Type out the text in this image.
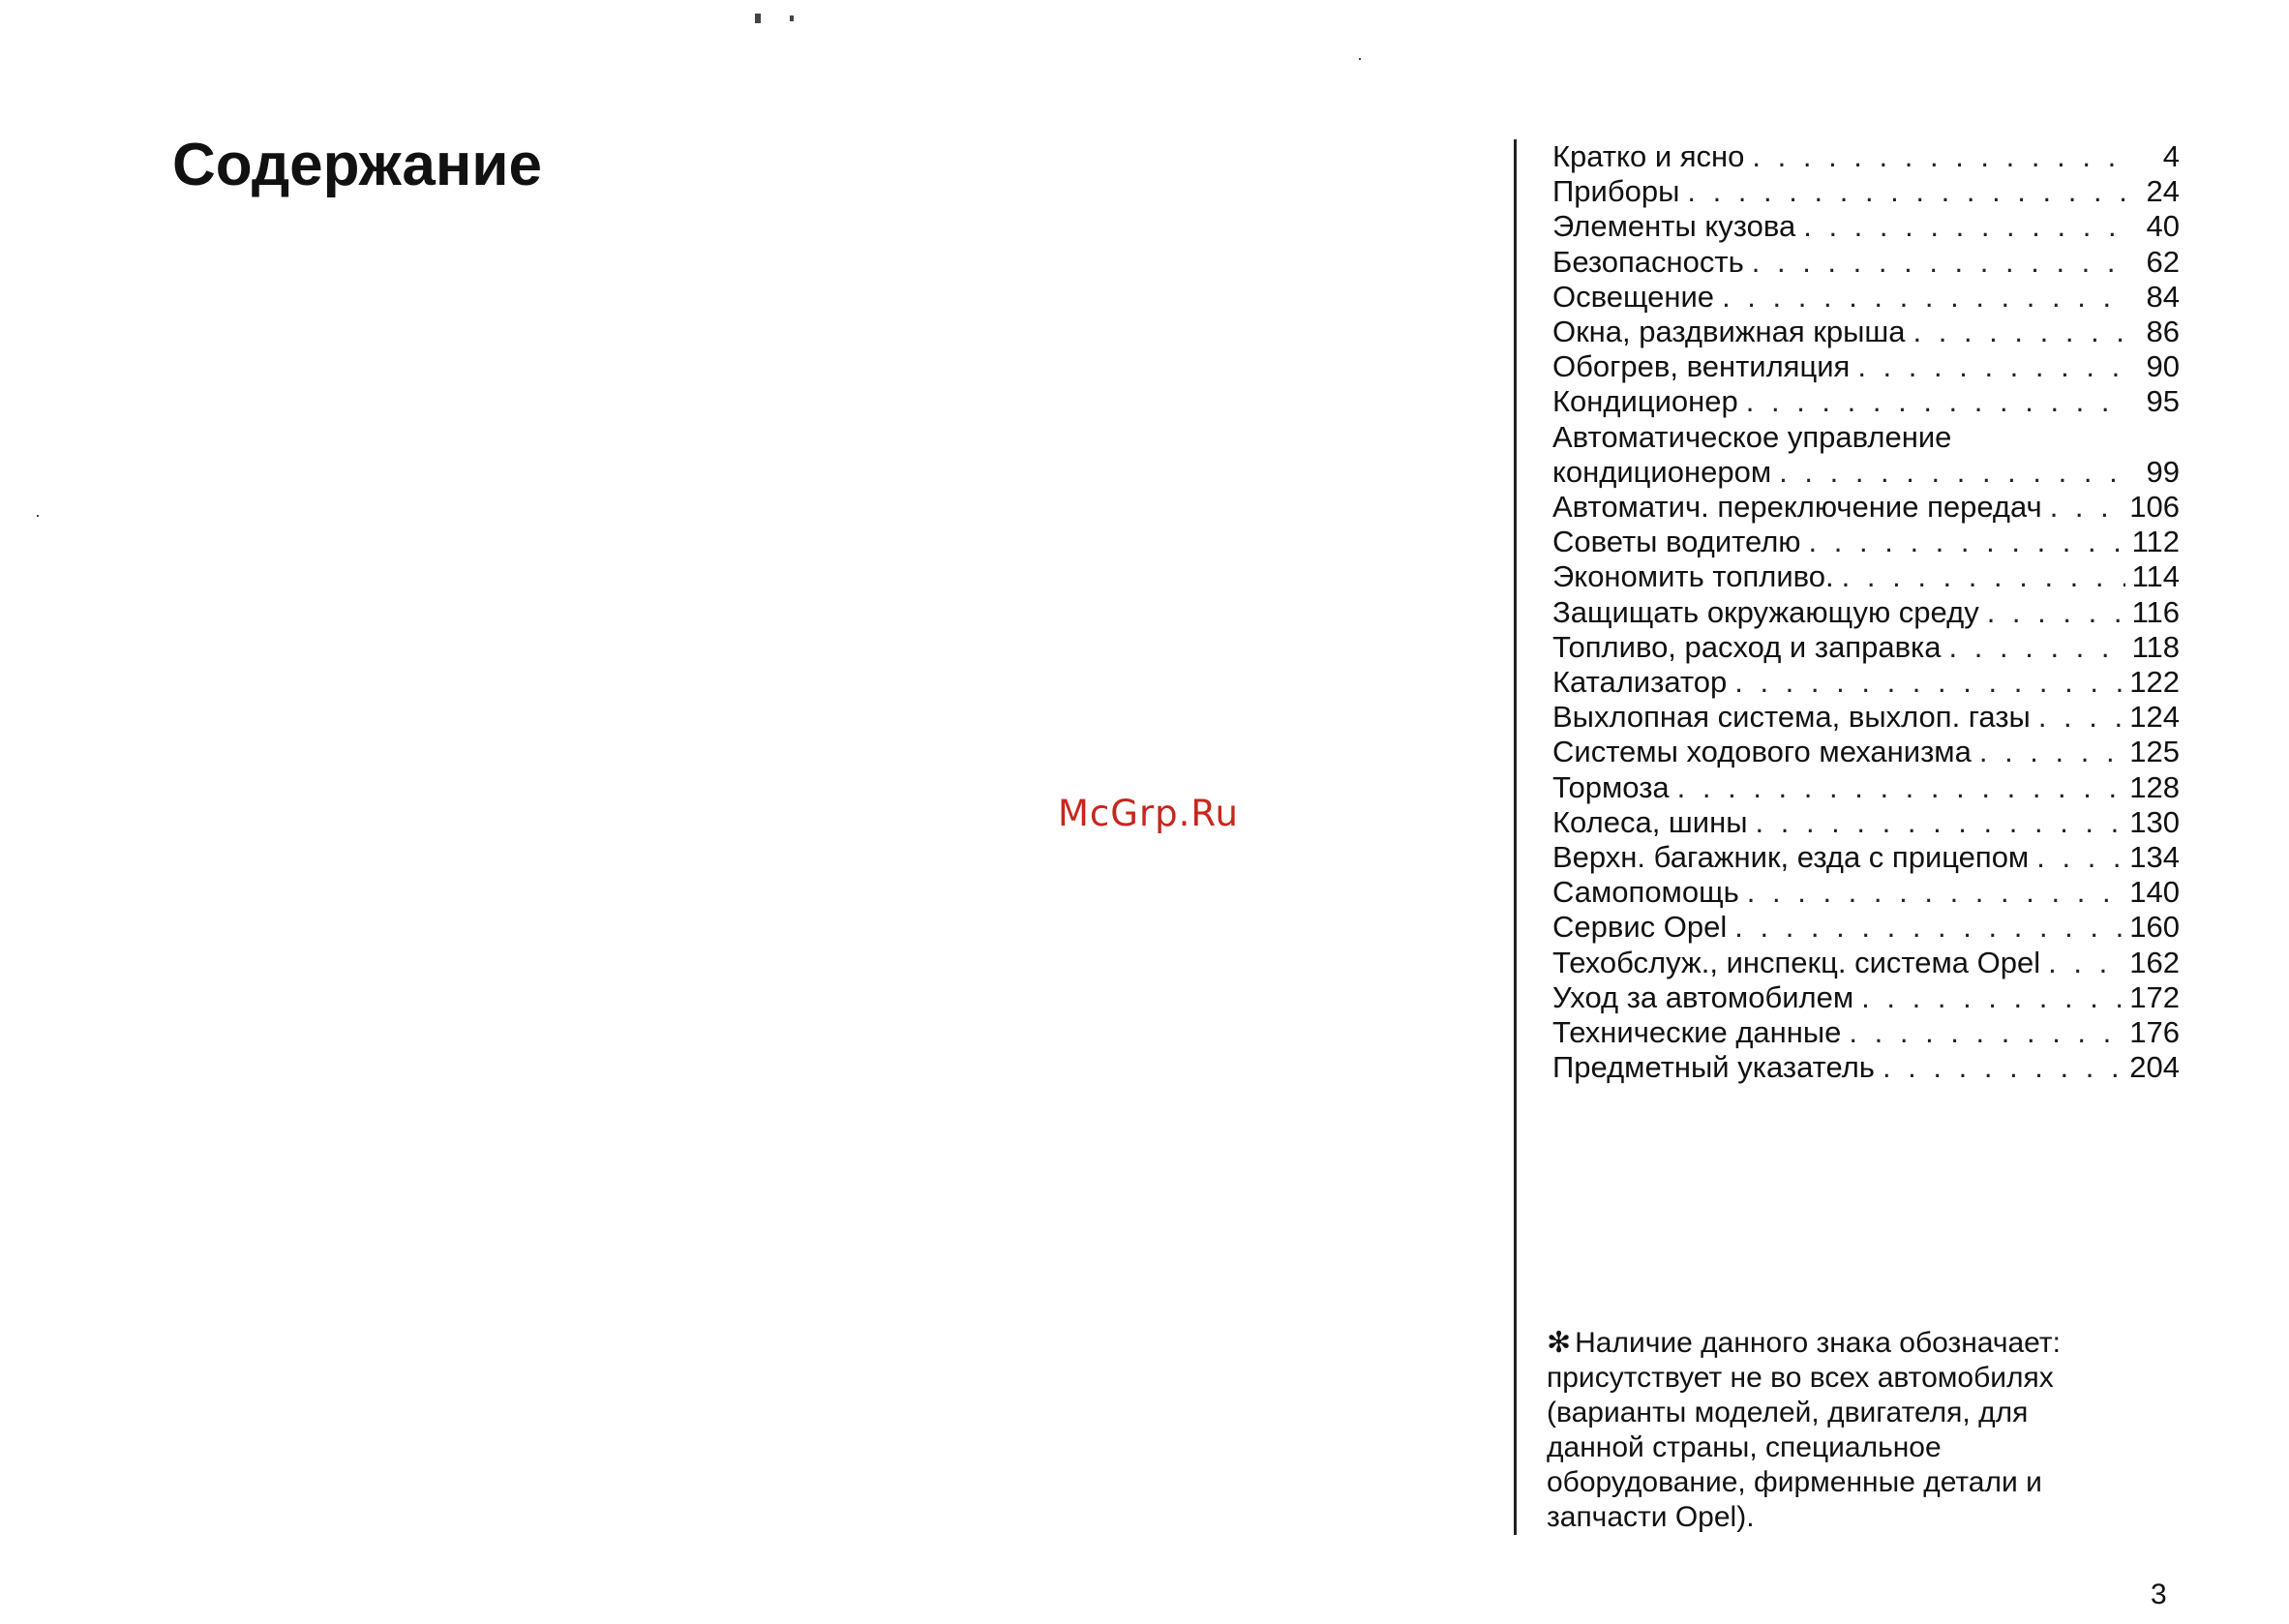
Содержание
McGrp.Ru
Кратко и ясно . . .	4
Приборы . . .	24
Элементы кузова . . .	40
Безопасность . . .	62
Освещение . . .	84
Окна, раздвижная крыша . . .	86
Обогрев, вентиляция . . .	90
Кондиционер . . .	95
Автоматическое управление
кондиционером . . .	99
Автоматич. переключение передач . . .	106
Советы водителю . . .	112
Экономить топливо. . . .	114
Защищать окружающую среду . . .	116
Топливо, расход и заправка . . .	118
Катализатор . . .	122
Выхлопная система, выхлоп. газы . . .	124
Системы ходового механизма . . .	125
Тормоза . . .	128
Колеса, шины . . .	130
Верхн. багажник, езда с прицепом . . .	134
Самопомощь . . .	140
Сервис Opel . . .	160
Техобслуж., инспекц. система Opel . . .	162
Уход за автомобилем . . .	172
Технические данные . . .	176
Предметный указатель . . .	204
✻ Наличие данного знака обозначает:
присутствует не во всех автомобилях
(варианты моделей, двигателя, для
данной страны, специальное
оборудование, фирменные детали и
запчасти Opel).
3
